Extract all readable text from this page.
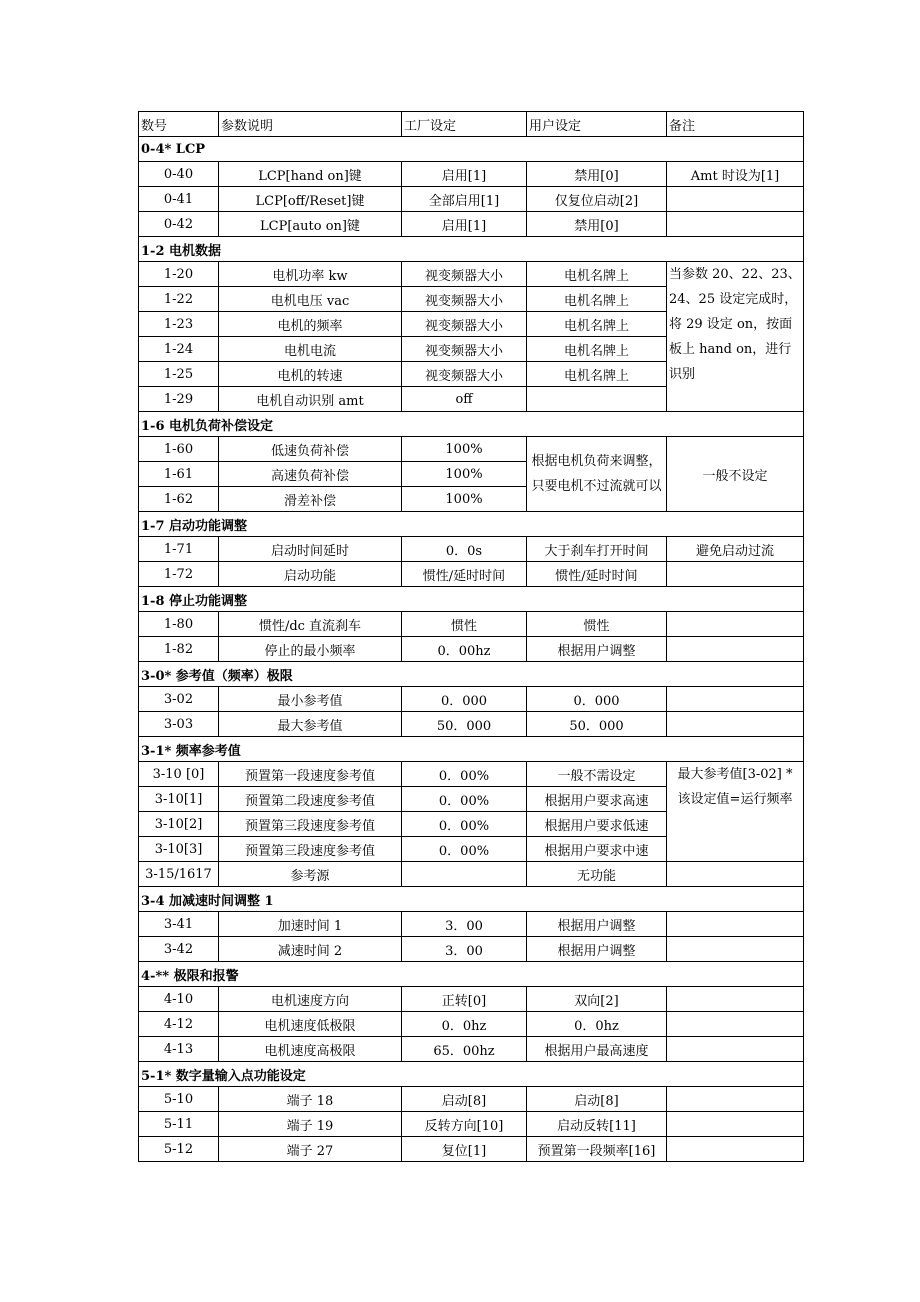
数号	参数说明	工厂设定	用户设定	备注
0-4* LCP				
0-40	LCP[hand on]键	启用[1]	禁用[0]	Amt 时设为[1]
0-41	LCP[off/Reset]键	全部启用[1]	仅复位启动[2]	
0-42	LCP[auto on]键	启用[1]	禁用[0]	
1-2 电机数据				
1-20	电机功率 kw	视变频器大小	电机名牌上	当参数 20、22、23、24、25 设定完成时，将 29 设定 on，按面板上 hand on，进行识别
1-22	电机电压 vac	视变频器大小	电机名牌上	
1-23	电机的频率	视变频器大小	电机名牌上	
1-24	电机电流	视变频器大小	电机名牌上	
1-25	电机的转速	视变频器大小	电机名牌上	
1-29	电机自动识别 amt	off		
1-6 电机负荷补偿设定				
1-60	低速负荷补偿	100%	根据电机负荷来调整，只要电机不过流就可以	一般不设定
1-61	高速负荷补偿	100%		
1-62	滑差补偿	100%		
1-7 启动功能调整				
1-71	启动时间延时	0．0s	大于刹车打开时间	避免启动过流
1-72	启动功能	惯性/延时时间	惯性/延时时间	
1-8 停止功能调整				
1-80	惯性/dc 直流刹车	惯性	惯性	
1-82	停止的最小频率	0．00hz	根据用户调整	
3-0* 参考值（频率）极限				
3-02	最小参考值	0．000	0．000	
3-03	最大参考值	50．000	50．000	
3-1* 频率参考值				
3-10 [0]	预置第一段速度参考值	0．00%	一般不需设定	最大参考值[3-02] * 该设定值=运行频率
3-10[1]	预置第二段速度参考值	0．00%	根据用户要求高速	
3-10[2]	预置第三段速度参考值	0．00%	根据用户要求低速	
3-10[3]	预置第三段速度参考值	0．00%	根据用户要求中速	
3-15/1617	参考源		无功能	
3-4 加减速时间调整 1				
3-41	加速时间 1	3．00	根据用户调整	
3-42	减速时间 2	3．00	根据用户调整	
4-** 极限和报警				
4-10	电机速度方向	正转[0]	双向[2]	
4-12	电机速度低极限	0．0hz	0．0hz	
4-13	电机速度高极限	65．00hz	根据用户最高速度	
5-1* 数字量输入点功能设定				
5-10	端子 18	启动[8]	启动[8]	
5-11	端子 19	反转方向[10]	启动反转[11]	
5-12	端子 27	复位[1]	预置第一段频率[16]	
